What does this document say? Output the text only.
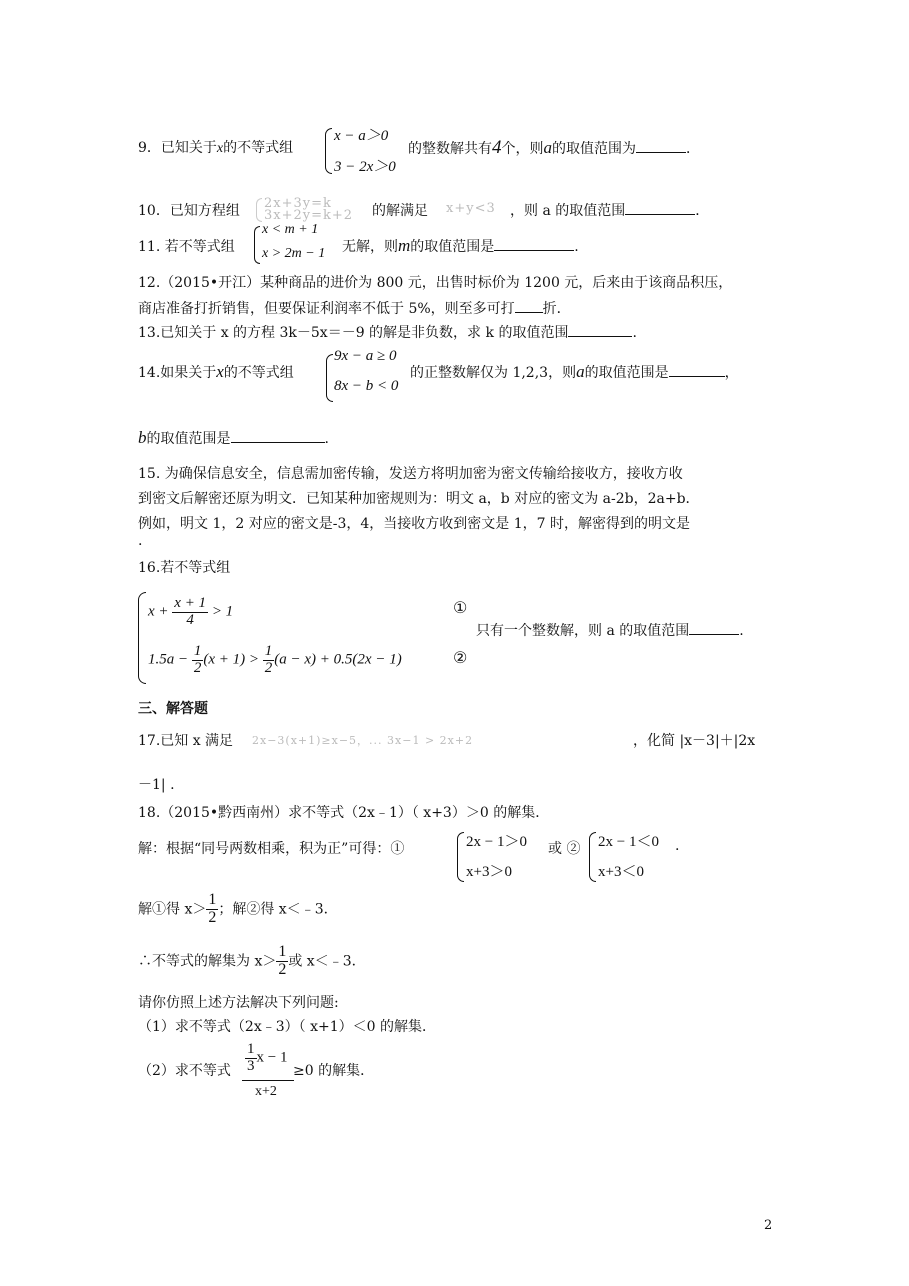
9．已知关于x的不等式组
x − a＞0
3 − 2x＞0
的整数解共有4个，则a的取值范围为	．
10．已知方程组 2x+3y=k
3x+2y=k+2 的解满足 x+y<3 ，则 a 的取值范围	．
11. 若不等式组
x < m + 1
x > 2m − 1 无解，则m的取值范围是	.
12.（2015•开江）某种商品的进价为 800 元，出售时标价为 1200 元，后来由于该商品积压，
商店准备打折销售，但要保证利润率不低于 5%，则至多可打 折．
13.已知关于 x 的方程 3k－5x＝－9 的解是非负数，求 k 的取值范围	.
14.如果关于x的不等式组
9x − a ≥ 0
8x − b < 0
的正整数解仅为 1,2,3，则a的取值范围是	，
b的取值范围是	.
15. 为确保信息安全，信息需加密传输，发送方将明加密为密文传输给接收方，接收方收
到密文后解密还原为明文．已知某种加密规则为：明文 a，b 对应的密文为 a-2b，2a+b．
例如，明文 1，2 对应的密文是-3，4，当接收方收到密文是 1，7 时，解密得到的明文是
.
16.若不等式组
$x + \frac{x + 1}{4} > 1$
$1.5a - \frac{1}{2} (x + 1) > \frac{1}{2} (a - x) + 0.5(2x - 1)$
①
②
只有一个整数解，则 a 的取值范围	.
三、解答题
17.已知 x 满足 2x−3(x+1)≥x−5，... 3x−1 > 2x+2	，化简 |x－3|＋|2x
－1| .
18.（2015•黔西南州）求不等式（2x﹣1）（ x+3）＞0 的解集．
解：根据“同号两数相乘，积为正”可得：①	2x − 1＞0
x+3＞0
或 ② 2x − 1＜0
x+3＜0
.
解①得 $x> \frac{1}{2}$ ；解②得 x＜﹣3．
∴不等式的解集为 $x> \frac{1}{2}$ 或 x＜﹣3．
请你仿照上述方法解决下列问题:
（1）求不等式（2x﹣3）（ x+1）＜0 的解集．
（2）求不等式 $\frac{1}{3}$ x − 1
x+2
≥0 的解集．
2
